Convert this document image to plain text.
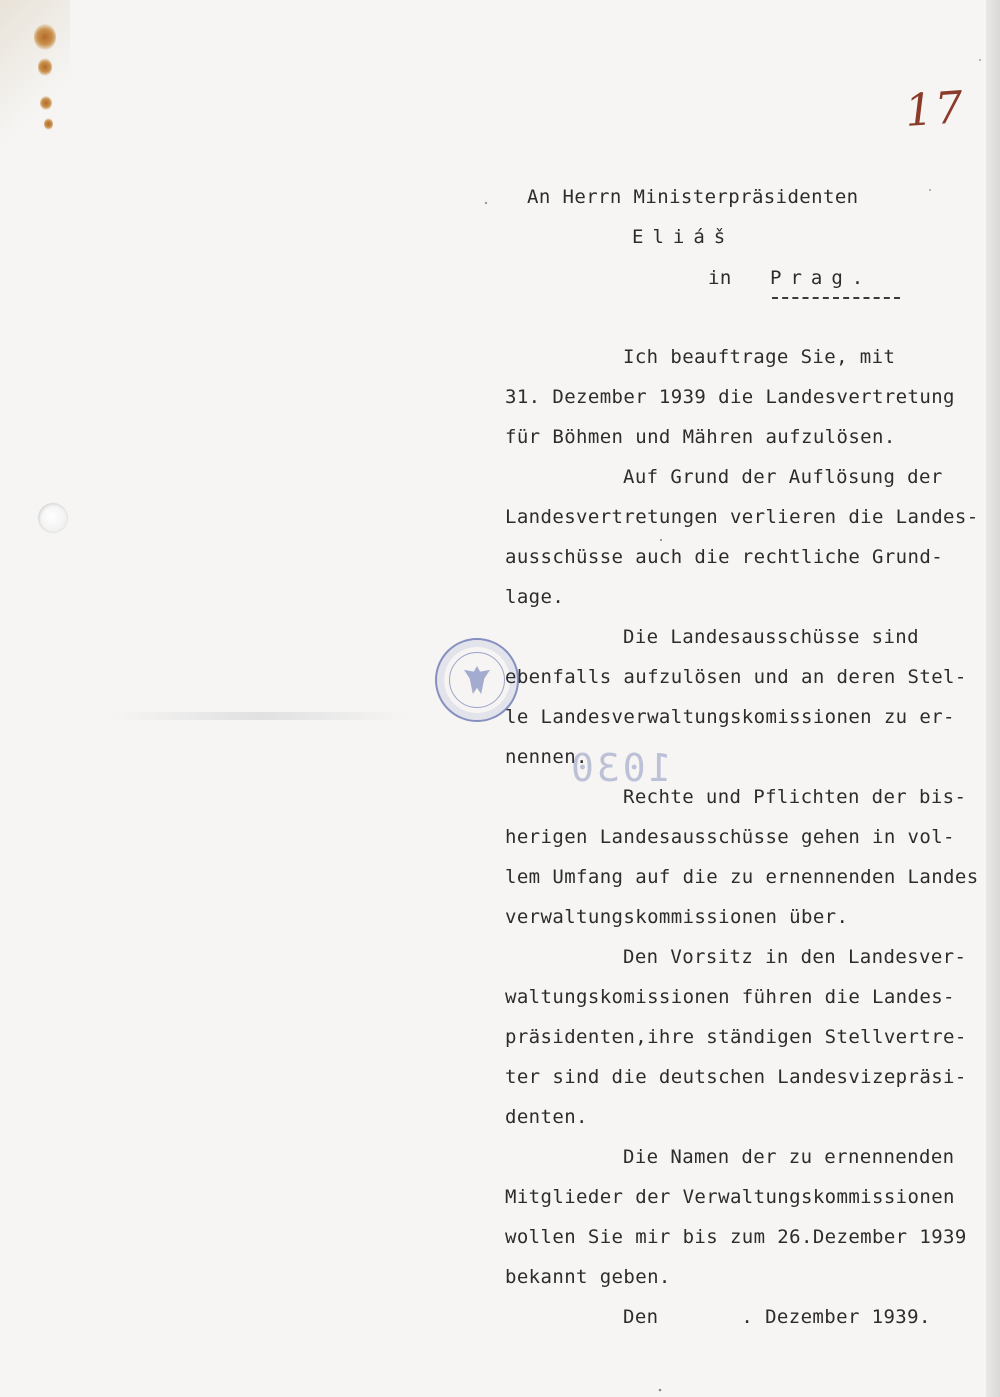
17
An Herrn Ministerpräsidenten
Eliáš
in Prag.
1030
Ich beauftrage Sie, mit
31. Dezember 1939 die Landesvertretung
für Böhmen und Mähren aufzulösen.
Auf Grund der Auflösung der
Landesvertretungen verlieren die Landes-
ausschüsse auch die rechtliche Grund-
lage.
Die Landesausschüsse sind
ebenfalls aufzulösen und an deren Stel-
le Landesverwaltungskomissionen zu er-
nennen.
Rechte und Pflichten der bis-
herigen Landesausschüsse gehen in vol-
lem Umfang auf die zu ernennenden Landes
verwaltungskommissionen über.
Den Vorsitz in den Landesver-
waltungskomissionen führen die Landes-
präsidenten,ihre ständigen Stellvertre-
ter sind die deutschen Landesvizepräsi-
denten.
Die Namen der zu ernennenden
Mitglieder der Verwaltungskommissionen
wollen Sie mir bis zum 26.Dezember 1939
bekannt geben.
Den       . Dezember 1939.
